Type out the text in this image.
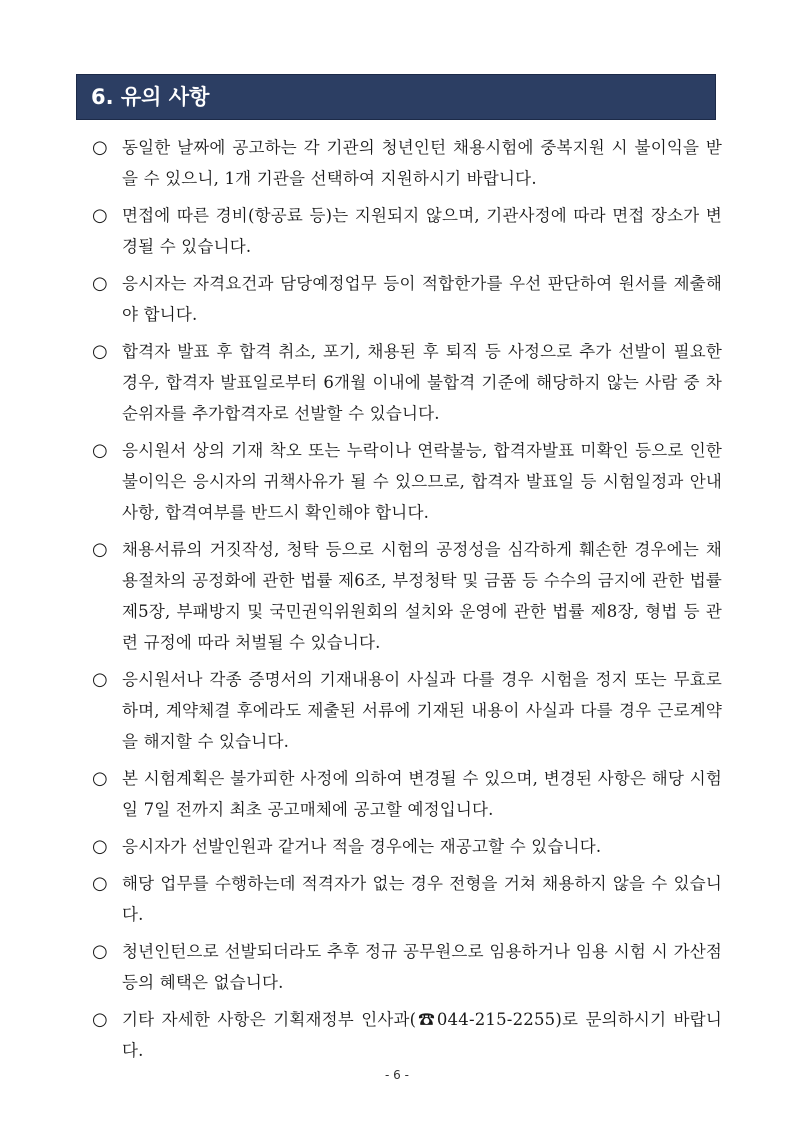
6. 유의 사항
○ 동일한 날짜에 공고하는 각 기관의 청년인턴 채용시험에 중복지원 시 불이익을 받을 수 있으니, 1개 기관을 선택하여 지원하시기 바랍니다.
○ 면접에 따른 경비(항공료 등)는 지원되지 않으며, 기관사정에 따라 면접 장소가 변경될 수 있습니다.
○ 응시자는 자격요건과 담당예정업무 등이 적합한가를 우선 판단하여 원서를 제출해야 합니다.
○ 합격자 발표 후 합격 취소, 포기, 채용된 후 퇴직 등 사정으로 추가 선발이 필요한 경우, 합격자 발표일로부터 6개월 이내에 불합격 기준에 해당하지 않는 사람 중 차순위자를 추가합격자로 선발할 수 있습니다.
○ 응시원서 상의 기재 착오 또는 누락이나 연락불능, 합격자발표 미확인 등으로 인한 불이익은 응시자의 귀책사유가 될 수 있으므로, 합격자 발표일 등 시험일정과 안내사항, 합격여부를 반드시 확인해야 합니다.
○ 채용서류의 거짓작성, 청탁 등으로 시험의 공정성을 심각하게 훼손한 경우에는 채용절차의 공정화에 관한 법률 제6조, 부정청탁 및 금품 등 수수의 금지에 관한 법률 제5장, 부패방지 및 국민권익위원회의 설치와 운영에 관한 법률 제8장, 형법 등 관련 규정에 따라 처벌될 수 있습니다.
○ 응시원서나 각종 증명서의 기재내용이 사실과 다를 경우 시험을 정지 또는 무효로 하며, 계약체결 후에라도 제출된 서류에 기재된 내용이 사실과 다를 경우 근로계약을 해지할 수 있습니다.
○ 본 시험계획은 불가피한 사정에 의하여 변경될 수 있으며, 변경된 사항은 해당 시험일 7일 전까지 최초 공고매체에 공고할 예정입니다.
○ 응시자가 선발인원과 같거나 적을 경우에는 재공고할 수 있습니다.
○ 해당 업무를 수행하는데 적격자가 없는 경우 전형을 거쳐 채용하지 않을 수 있습니다.
○ 청년인턴으로 선발되더라도 추후 정규 공무원으로 임용하거나 임용 시험 시 가산점 등의 혜택은 없습니다.
○ 기타 자세한 사항은 기획재정부 인사과(☎044-215-2255)로 문의하시기 바랍니다.
- 6 -
